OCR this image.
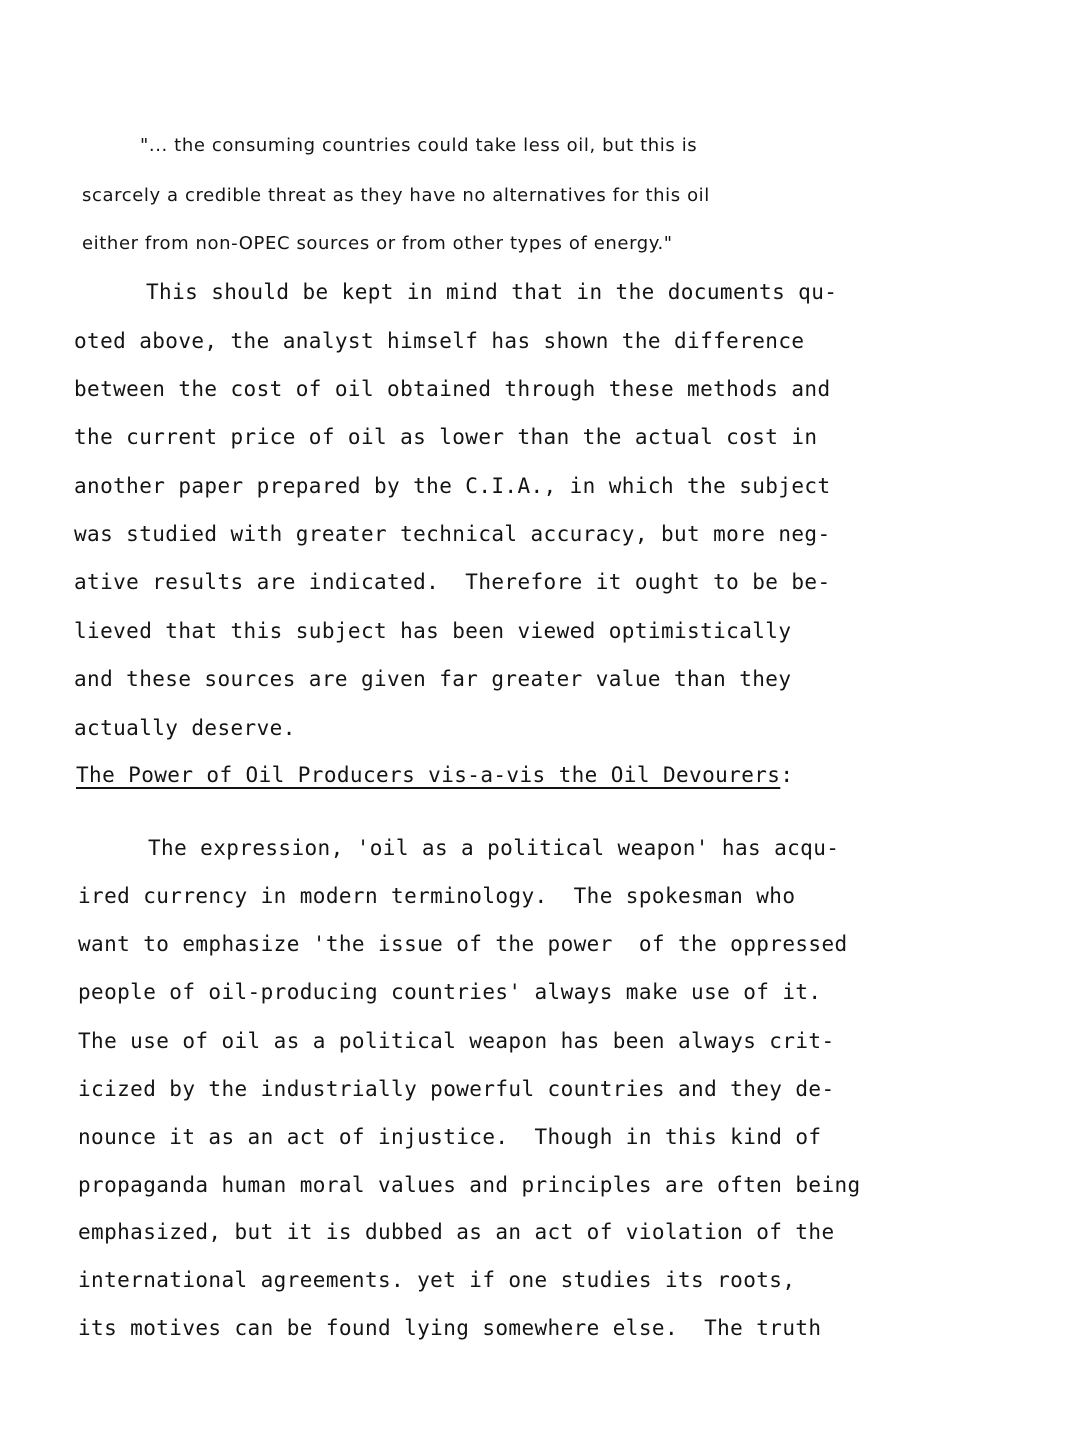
"... the consuming countries could take less oil, but this is
scarcely a credible threat as they have no alternatives for this oil
either from non-OPEC sources or from other types of energy."
This should be kept in mind that in the documents qu-
oted above, the analyst himself has shown the difference
between the cost of oil obtained through these methods and
the current price of oil as lower than the actual cost in
another paper prepared by the C.I.A., in which the subject
was studied with greater technical accuracy, but more neg-
ative results are indicated.  Therefore it ought to be be-
lieved that this subject has been viewed optimistically
and these sources are given far greater value than they
actually deserve.
The Power of Oil Producers vis-a-vis the Oil Devourers:
The expression, 'oil as a political weapon' has acqu-
ired currency in modern terminology.  The spokesman who
want to emphasize 'the issue of the power  of the oppressed
people of oil-producing countries' always make use of it.
The use of oil as a political weapon has been always crit-
icized by the industrially powerful countries and they de-
nounce it as an act of injustice.  Though in this kind of
propaganda human moral values and principles are often being
emphasized, but it is dubbed as an act of violation of the
international agreements. yet if one studies its roots,
its motives can be found lying somewhere else.  The truth
